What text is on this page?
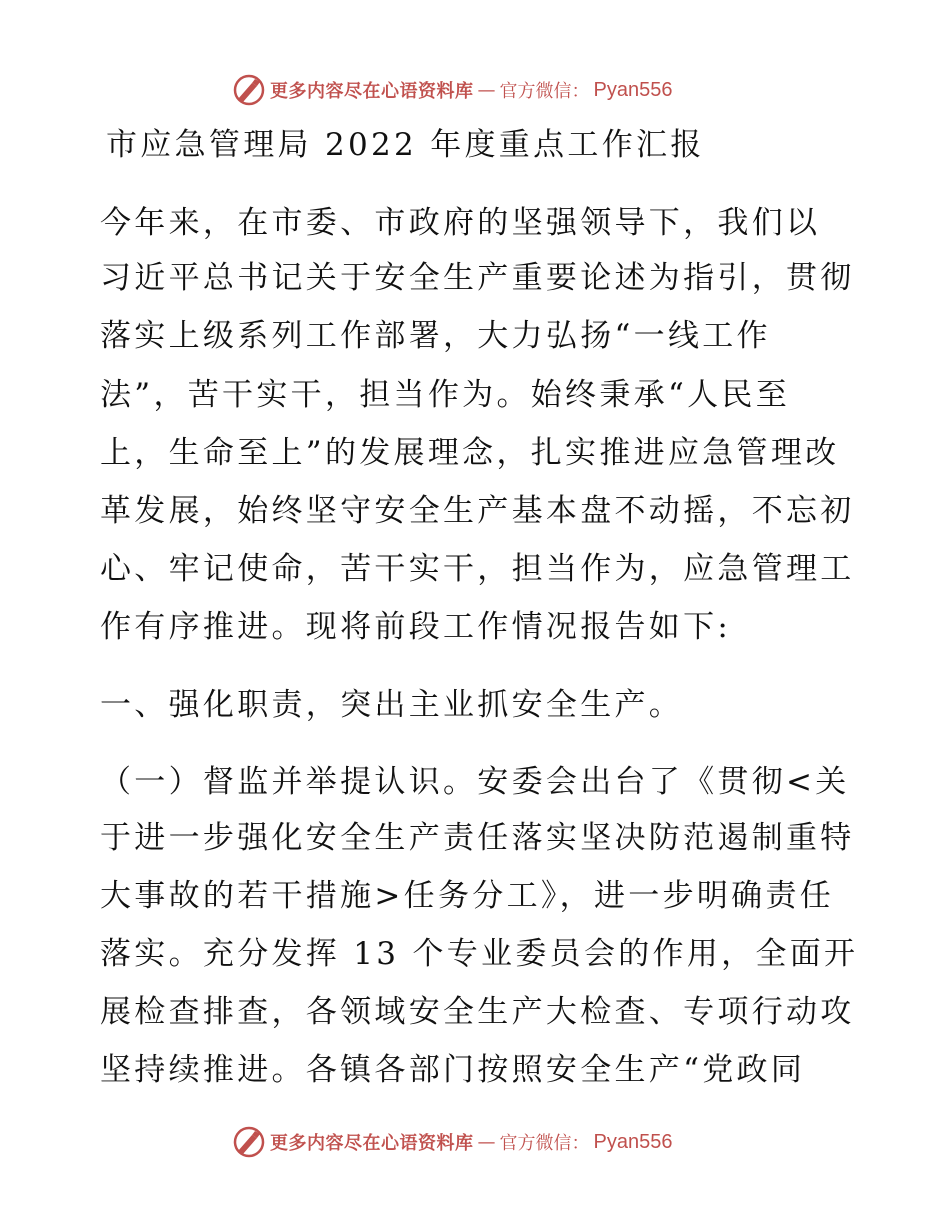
更多内容尽在心语资料库 — 官方微信： Pyan556
市应急管理局 2022 年度重点工作汇报
今年来，在市委、市政府的坚强领导下，我们以
习近平总书记关于安全生产重要论述为指引，贯彻
落实上级系列工作部署，大力弘扬“一线工作
法”，苦干实干，担当作为。始终秉承“人民至
上，生命至上”的发展理念，扎实推进应急管理改
革发展，始终坚守安全生产基本盘不动摇，不忘初
心、牢记使命，苦干实干，担当作为，应急管理工
作有序推进。现将前段工作情况报告如下:
一、强化职责，突出主业抓安全生产。
（一）督监并举提认识。安委会出台了《贯彻<关
于进一步强化安全生产责任落实坚决防范遏制重特
大事故的若干措施>任务分工》，进一步明确责任
落实。充分发挥 13 个专业委员会的作用，全面开
展检查排查，各领域安全生产大检查、专项行动攻
坚持续推进。各镇各部门按照安全生产“党政同
更多内容尽在心语资料库 — 官方微信： Pyan556
